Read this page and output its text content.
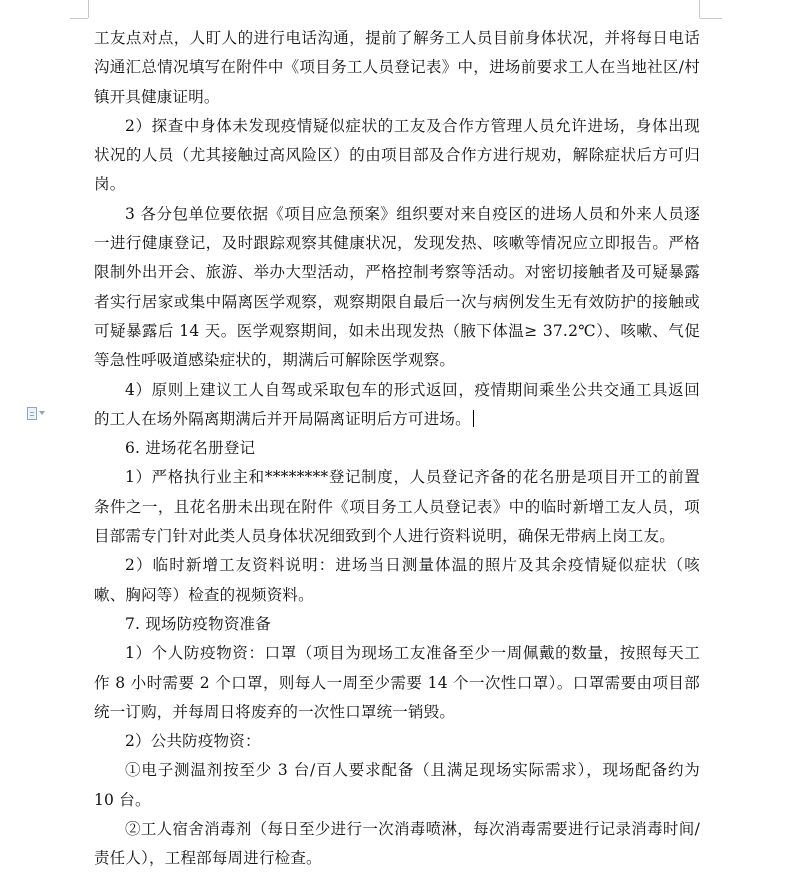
工友点对点，人盯人的进行电话沟通，提前了解务工人员目前身体状况，并将每日电话沟通汇总情况填写在附件中《项目务工人员登记表》中，进场前要求工人在当地社区/村镇开具健康证明。

2）探查中身体未发现疫情疑似症状的工友及合作方管理人员允许进场，身体出现状况的人员（尤其接触过高风险区）的由项目部及合作方进行规劝，解除症状后方可归岗。

3 各分包单位要依据《项目应急预案》组织要对来自疫区的进场人员和外来人员逐一进行健康登记，及时跟踪观察其健康状况，发现发热、咳嗽等情况应立即报告。严格限制外出开会、旅游、举办大型活动，严格控制考察等活动。对密切接触者及可疑暴露者实行居家或集中隔离医学观察，观察期限自最后一次与病例发生无有效防护的接触或可疑暴露后 14 天。医学观察期间，如未出现发热（腋下体温≥ 37.2℃）、咳嗽、气促等急性呼吸道感染症状的，期满后可解除医学观察。

4）原则上建议工人自驾或采取包车的形式返回，疫情期间乘坐公共交通工具返回的工人在场外隔离期满后并开局隔离证明后方可进场。

6. 进场花名册登记

1）严格执行业主和********登记制度，人员登记齐备的花名册是项目开工的前置条件之一，且花名册未出现在附件《项目务工人员登记表》中的临时新增工友人员，项目部需专门针对此类人员身体状况细致到个人进行资料说明，确保无带病上岗工友。

2）临时新增工友资料说明：进场当日测量体温的照片及其余疫情疑似症状（咳嗽、胸闷等）检查的视频资料。

7. 现场防疫物资准备

1）个人防疫物资：口罩（项目为现场工友准备至少一周佩戴的数量，按照每天工作 8 小时需要 2 个口罩，则每人一周至少需要 14 个一次性口罩）。口罩需要由项目部统一订购，并每周日将废弃的一次性口罩统一销毁。

2）公共防疫物资：

➀电子测温剂按至少 3 台/百人要求配备（且满足现场实际需求），现场配备约为 10 台。

➁工人宿舍消毒剂（每日至少进行一次消毒喷淋，每次消毒需要进行记录消毒时间/责任人），工程部每周进行检查。
